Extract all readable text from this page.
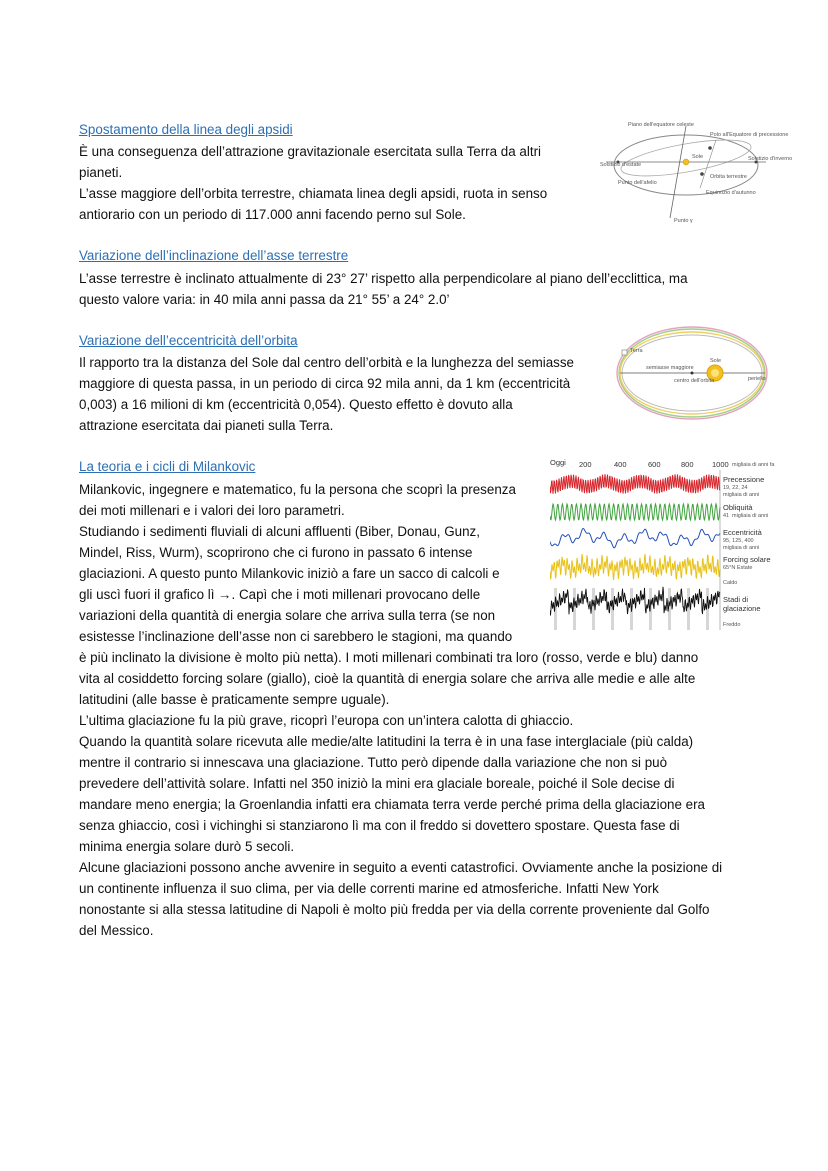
Spostamento della linea degli apsidi
È una conseguenza dell’attrazione gravitazionale esercitata sulla Terra da altri
pianeti.
L’asse maggiore dell’orbita terrestre, chiamata linea degli apsidi, ruota in senso
antiorario con un periodo di 117.000 anni facendo perno sul Sole.
Piano dell'equatore celeste
Polo all'Equatore di precessione
Sole
Solstizio d'estate
Solstizio d'inverno
Punto dell'afelio
Orbita terrestre
Equinozio d'autunno
Punto γ
Variazione dell’inclinazione dell’asse terrestre
L’asse terrestre è inclinato attualmente di 23° 27’ rispetto alla perpendicolare al piano dell’ecclittica, ma
questo valore varia: in 40 mila anni passa da 21° 55’ a 24° 2.0’
Variazione dell’eccentricità dell’orbita
Il rapporto tra la distanza del Sole dal centro dell’orbità e la lunghezza del semiasse
maggiore di questa passa, in un periodo di circa 92 mila anni, da 1 km (eccentricità
0,003) a 16 milioni di km (eccentricità 0,054). Questo effetto è dovuto alla
attrazione esercitata dai pianeti sulla Terra.
Terra
semiasse maggiore
centro dell'orbita
Sole
perielio
La teoria e i cicli di Milankovic
Milankovic, ingegnere e matematico, fu la persona che scoprì la presenza
dei moti millenari e i valori dei loro parametri.
Studiando i sedimenti fluviali di alcuni affluenti (Biber, Donau, Gunz,
Mindel, Riss, Wurm), scoprirono che ci furono in passato 6 intense
glaciazioni. A questo punto Milankovic iniziò a fare un sacco di calcoli e
gli uscì fuori il grafico lì →. Capì che i moti millenari provocano delle
variazioni della quantità di energia solare che arriva sulla terra (se non
esistesse l’inclinazione dell’asse non ci sarebbero le stagioni, ma quando
è più inclinato la divisione è molto più netta). I moti millenari combinati tra loro (rosso, verde e blu) danno
vita al cosiddetto forcing solare (giallo), cioè la quantità di energia solare che arriva alle medie e alle alte
latitudini (alle basse è praticamente sempre uguale).
L’ultima glaciazione fu la più grave, ricoprì l’europa con un’intera calotta di ghiaccio.
Quando la quantità solare ricevuta alle medie/alte latitudini la terra è in una fase interglaciale (più calda)
mentre il contrario si innescava una glaciazione. Tutto però dipende dalla variazione che non si può
prevedere dell’attività solare. Infatti nel 350 iniziò la mini era glaciale boreale, poiché il Sole decise di
mandare meno energia; la Groenlandia infatti era chiamata terra verde perché prima della glaciazione era
senza ghiaccio, così i vichinghi si stanziarono lì ma con il freddo si dovettero spostare. Questa fase di
minima energia solare durò 5 secoli.
Alcune glaciazioni possono anche avvenire in seguito a eventi catastrofici. Ovviamente anche la posizione di
un continente influenza il suo clima, per via delle correnti marine ed atmosferiche. Infatti New York
nonostante si alla stessa latitudine di Napoli è molto più fredda per via della corrente proveniente dal Golfo
del Messico.
Oggi 200	400	600	800 1000 migliaia di anni fa
Precessione
19, 22, 24
migliaia di anni
Obliquità
41 migliaia di anni
Eccentricità
95, 125, 400
migliaia di anni
Forcing solare
65°N Estate
Caldo
Stadi di glaciazione
Freddo
